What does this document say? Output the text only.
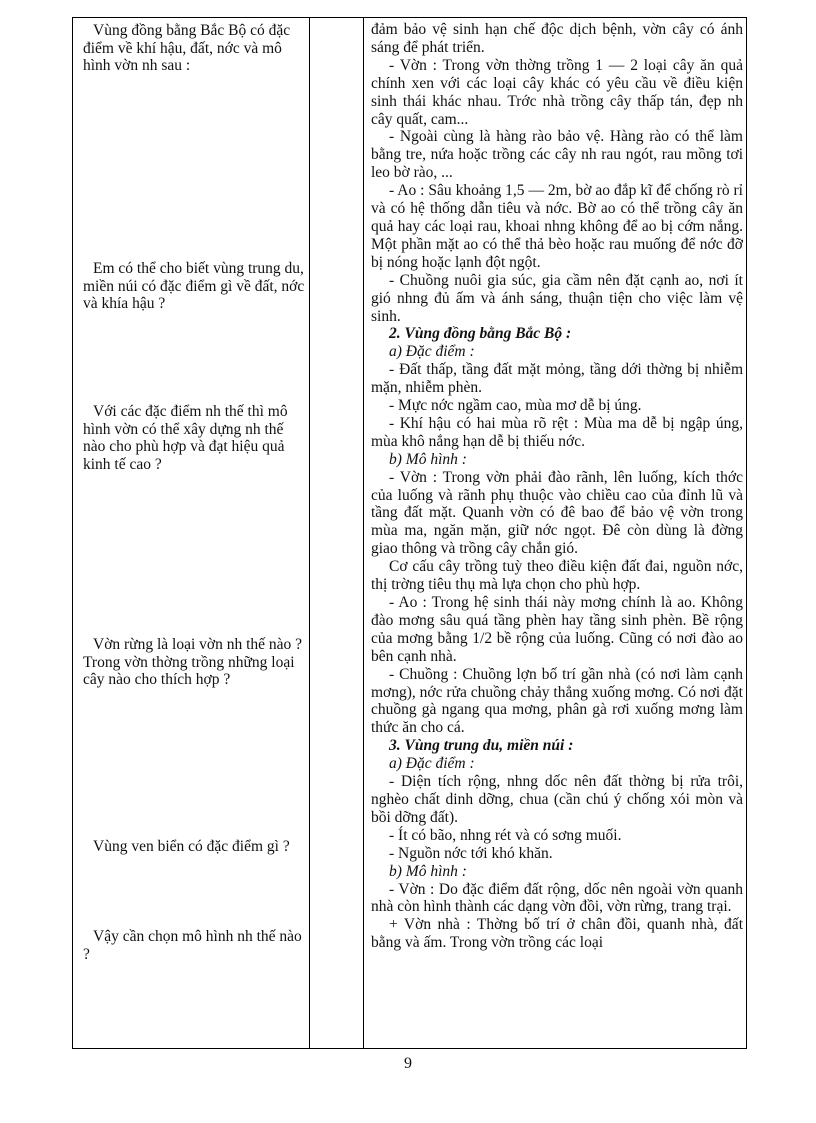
Vùng đồng bằng Bắc Bộ có đặc điểm về khí hậu, đất, nớc và mô hình vờn nh sau :

Em có thể cho biết vùng trung du, miền núi có đặc điểm gì về đất, nớc và khía hậu ?

Với các đặc điểm nh thế thì mô hình vờn có thể xây dựng nh thế nào cho phù hợp và đạt hiệu quả kinh tế cao ?

Vờn rừng là loại vờn nh thế nào ? Trong vờn thờng trồng những loại cây nào cho thích hợp ?

Vùng ven biển có đặc điểm gì ?

Vậy cần chọn mô hình nh thế nào ?

đảm bảo vệ sinh hạn chế độc dịch bệnh, vờn cây có ánh sáng để phát triển.

- Vờn : Trong vờn thờng trồng 1 — 2 loại cây ăn quả chính xen với các loại cây khác có yêu cầu về điều kiện sinh thái khác nhau. Trớc nhà trồng cây thấp tán, đẹp nh cây quất, cam...

- Ngoài cùng là hàng rào bảo vệ. Hàng rào có thể làm bằng tre, nứa hoặc trồng các cây nh rau ngót, rau mồng tơi leo bờ rào, ...

- Ao : Sâu khoảng 1,5 — 2m, bờ ao đắp kĩ để chống rò rỉ và có hệ thống dẫn tiêu và nớc. Bờ ao có thể trồng cây ăn quả hay các loại rau, khoai nhng không để ao bị cớm nắng. Một phần mặt ao có thể thả bèo hoặc rau muống để nớc đỡ bị nóng hoặc lạnh đột ngột.

- Chuồng nuôi gia súc, gia cầm nên đặt cạnh ao, nơi ít gió nhng đủ ấm và ánh sáng, thuận tiện cho việc làm vệ sinh.

2. Vùng đồng bằng Bắc Bộ :

a) Đặc điểm :

- Đất thấp, tầng đất mặt mỏng, tầng dới thờng bị nhiễm mặn, nhiễm phèn.

- Mực nớc ngầm cao, mùa mơ dễ bị úng.

- Khí hậu có hai mùa rõ rệt : Mùa ma dễ bị ngập úng, mùa khô nắng hạn dễ bị thiếu nớc.

b) Mô hình :

- Vờn : Trong vờn phải đào rãnh, lên luống, kích thớc của luống và rãnh phụ thuộc vào chiều cao của đỉnh lũ và tầng đất mặt. Quanh vờn có đê bao để bảo vệ vờn trong mùa ma, ngăn mặn, giữ nớc ngọt. Đê còn dùng là đờng giao thông và trồng cây chắn gió.

Cơ cấu cây trồng tuỳ theo điều kiện đất đai, nguồn nớc, thị trờng tiêu thụ mà lựa chọn cho phù hợp.

- Ao : Trong hệ sinh thái này mơng chính là ao. Không đào mơng sâu quá tầng phèn hay tầng sinh phèn. Bề rộng của mơng bằng 1/2 bề rộng của luống. Cũng có nơi đào ao bên cạnh nhà.

- Chuồng : Chuồng lợn bố trí gần nhà (có nơi làm cạnh mơng), nớc rửa chuồng chảy thẳng xuống mơng. Có nơi đặt chuồng gà ngang qua mơng, phân gà rơi xuống mơng làm thức ăn cho cá.

3. Vùng trung du, miền núi :

a) Đặc điểm :

- Diện tích rộng, nhng dốc nên đất thờng bị rửa trôi, nghèo chất dinh dỡng, chua (cần chú ý chống xói mòn và bồi dỡng đất).

- Ít có bão, nhng rét và có sơng muối.

- Nguồn nớc tới khó khăn.

b) Mô hình :

- Vờn : Do đặc điểm đất rộng, dốc nên ngoài vờn quanh nhà còn hình thành các dạng vờn đồi, vờn rừng, trang trại.

+ Vờn nhà : Thờng bố trí ở chân đồi, quanh nhà, đất bằng và ấm. Trong vờn trồng các loại

9
